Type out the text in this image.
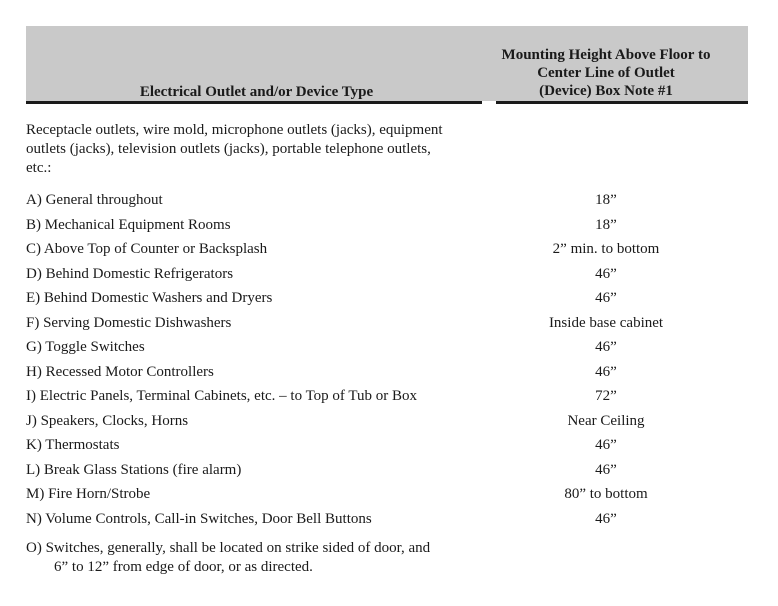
Electrical Outlet and/or Device Type
Mounting Height Above Floor to
Center Line of Outlet
(Device) Box Note #1
Receptacle outlets, wire mold, microphone outlets (jacks), equipment outlets (jacks), television outlets (jacks), portable telephone outlets, etc.:
A) General throughout	18”
B) Mechanical Equipment Rooms	18”
C) Above Top of Counter or Backsplash	2” min. to bottom
D) Behind Domestic Refrigerators	46”
E) Behind Domestic Washers and Dryers	46”
F) Serving Domestic Dishwashers	Inside base cabinet
G) Toggle Switches	46”
H) Recessed Motor Controllers	46”
I) Electric Panels, Terminal Cabinets, etc. – to Top of Tub or Box	72”
J) Speakers, Clocks, Horns	Near Ceiling
K) Thermostats	46”
L) Break Glass Stations (fire alarm)	46”
M) Fire Horn/Strobe	80” to bottom
N) Volume Controls, Call-in Switches, Door Bell Buttons	46”
O) Switches, generally, shall be located on strike sided of door, and
6” to 12” from edge of door, or as directed.
